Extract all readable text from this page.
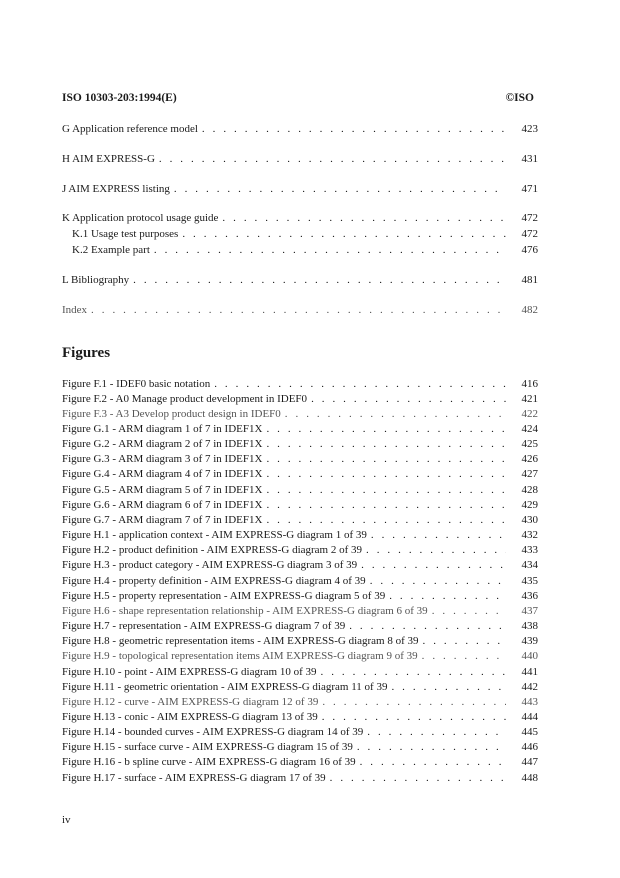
ISO 10303-203:1994(E)	©ISO
G Application reference model . . .	423
H AIM EXPRESS-G . . .	431
J AIM EXPRESS listing . . .	471
K Application protocol usage guide . . .	472
K.1 Usage test purposes . . .	472
K.2 Example part . . .	476
L Bibliography . . .	481
Index . . .	482
Figures
Figure F.1 - IDEF0 basic notation . . .	416
Figure F.2 - A0 Manage product development in IDEF0 . . .	421
Figure F.3 - A3 Develop product design in IDEF0 . . .	422
Figure G.1 - ARM diagram 1 of 7 in IDEF1X . . .	424
Figure G.2 - ARM diagram 2 of 7 in IDEF1X . . .	425
Figure G.3 - ARM diagram 3 of 7 in IDEF1X . . .	426
Figure G.4 - ARM diagram 4 of 7 in IDEF1X . . .	427
Figure G.5 - ARM diagram 5 of 7 in IDEF1X . . .	428
Figure G.6 - ARM diagram 6 of 7 in IDEF1X . . .	429
Figure G.7 - ARM diagram 7 of 7 in IDEF1X . . .	430
Figure H.1 - application context - AIM EXPRESS-G diagram 1 of 39 . . .	432
Figure H.2 - product definition - AIM EXPRESS-G diagram 2 of 39 . . .	433
Figure H.3 - product category - AIM EXPRESS-G diagram 3 of 39 . . .	434
Figure H.4 - property definition - AIM EXPRESS-G diagram 4 of 39 . . .	435
Figure H.5 - property representation - AIM EXPRESS-G diagram 5 of 39 . . .	436
Figure H.6 - shape representation relationship - AIM EXPRESS-G diagram 6 of 39 . . .	437
Figure H.7 - representation - AIM EXPRESS-G diagram 7 of 39 . . .	438
Figure H.8 - geometric representation items - AIM EXPRESS-G diagram 8 of 39 . . .	439
Figure H.9 - topological representation items AIM EXPRESS-G diagram 9 of 39 . . .	440
Figure H.10 - point - AIM EXPRESS-G diagram 10 of 39 . . .	441
Figure H.11 - geometric orientation - AIM EXPRESS-G diagram 11 of 39 . . .	442
Figure H.12 - curve - AIM EXPRESS-G diagram 12 of 39 . . .	443
Figure H.13 - conic - AIM EXPRESS-G diagram 13 of 39 . . .	444
Figure H.14 - bounded curves - AIM EXPRESS-G diagram 14 of 39 . . .	445
Figure H.15 - surface curve - AIM EXPRESS-G diagram 15 of 39 . . .	446
Figure H.16 - b spline curve - AIM EXPRESS-G diagram 16 of 39 . . .	447
Figure H.17 - surface - AIM EXPRESS-G diagram 17 of 39 . . .	448
iv
